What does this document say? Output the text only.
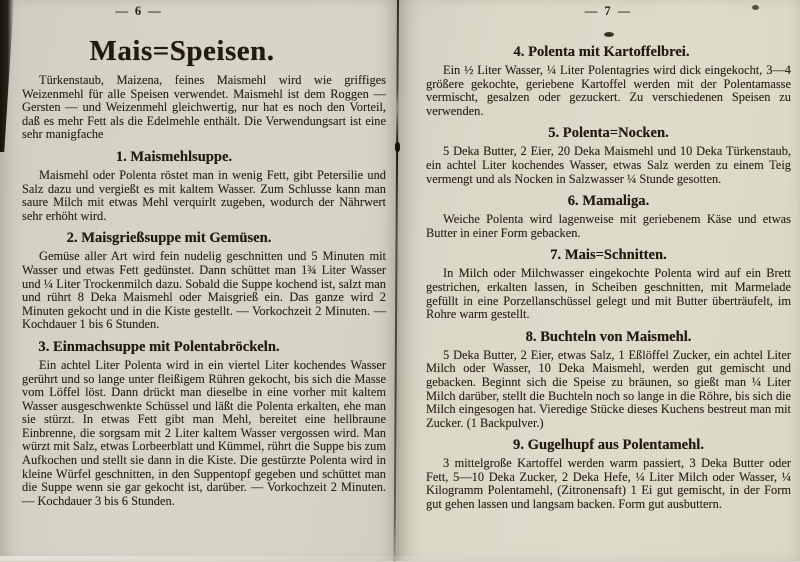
— 6 —
Mais=Speisen.

Türkenstaub, Maizena, feines Maismehl wird wie griffiges Weizenmehl für alle Speisen verwendet. Maismehl ist dem Roggen — Gersten — und Weizenmehl gleichwertig, nur hat es noch den Vorteil, daß es mehr Fett als die Edelmehle enthält. Die Verwendungsart ist eine sehr manigfache

1. Maismehlsuppe.

Maismehl oder Polenta röstet man in wenig Fett, gibt Petersilie und Salz dazu und vergießt es mit kaltem Wasser. Zum Schlusse kann man saure Milch mit etwas Mehl verquirlt zugeben, wodurch der Nährwert sehr erhöht wird.

2. Maisgrießsuppe mit Gemüsen.

Gemüse aller Art wird fein nudelig geschnitten und 5 Minuten mit Wasser und etwas Fett gedünstet. Dann schüttet man 1¾ Liter Wasser und ¼ Liter Trockenmilch dazu. Sobald die Suppe kochend ist, salzt man und rührt 8 Deka Maismehl oder Maisgrieß ein. Das ganze wird 2 Minuten gekocht und in die Kiste gestellt. — Vorkochzeit 2 Minuten. — Kochdauer 1 bis 6 Stunden.

3. Einmachsuppe mit Polentabröckeln.

Ein achtel Liter Polenta wird in ein viertel Liter kochendes Wasser gerührt und so lange unter fleißigem Rühren gekocht, bis sich die Masse vom Löffel löst. Dann drückt man dieselbe in eine vorher mit kaltem Wasser ausgeschwenkte Schüssel und läßt die Polenta erkalten, ehe man sie stürzt. In etwas Fett gibt man Mehl, bereitet eine hellbraune Einbrenne, die sorgsam mit 2 Liter kaltem Wasser vergossen wird. Man würzt mit Salz, etwas Lorbeerblatt und Kümmel, rührt die Suppe bis zum Aufkochen und stellt sie dann in die Kiste. Die gestürzte Polenta wird in kleine Würfel geschnitten, in den Suppentopf gegeben und schüttet man die Suppe wenn sie gar gekocht ist, darüber. — Vorkochzeit 2 Minuten. — Kochdauer 3 bis 6 Stunden.

— 7 —
4. Polenta mit Kartoffelbrei.

Ein ½ Liter Wasser, ¼ Liter Polentagries wird dick eingekocht, 3—4 größere gekochte, geriebene Kartoffel werden mit der Polentamasse vermischt, gesalzen oder gezuckert. Zu verschiedenen Speisen zu verwenden.

5. Polenta=Nocken.

5 Deka Butter, 2 Eier, 20 Deka Maismehl und 10 Deka Türkenstaub, ein achtel Liter kochendes Wasser, etwas Salz werden zu einem Teig vermengt und als Nocken in Salzwasser ¼ Stunde gesotten.

6. Mamaliga.

Weiche Polenta wird lagenweise mit geriebenem Käse und etwas Butter in einer Form gebacken.

7. Mais=Schnitten.

In Milch oder Milchwasser eingekochte Polenta wird auf ein Brett gestrichen, erkalten lassen, in Scheiben geschnitten, mit Marmelade gefüllt in eine Porzellanschüssel gelegt und mit Butter überträufelt, im Rohre warm gestellt.

8. Buchteln von Maismehl.

5 Deka Butter, 2 Eier, etwas Salz, 1 Eßlöffel Zucker, ein achtel Liter Milch oder Wasser, 10 Deka Maismehl, werden gut gemischt und gebacken. Beginnt sich die Speise zu bräunen, so gießt man ¼ Liter Milch darüber, stellt die Buchteln noch so lange in die Röhre, bis sich die Milch eingesogen hat. Vieredige Stücke dieses Kuchens bestreut man mit Zucker. (1 Backpulver.)

9. Gugelhupf aus Polentamehl.

3 mittelgroße Kartoffel werden warm passiert, 3 Deka Butter oder Fett, 5—10 Deka Zucker, 2 Deka Hefe, ¼ Liter Milch oder Wasser, ¼ Kilogramm Polentamehl, (Zitronensaft) 1 Ei gut gemischt, in der Form gut gehen lassen und langsam backen. Form gut ausbuttern.
